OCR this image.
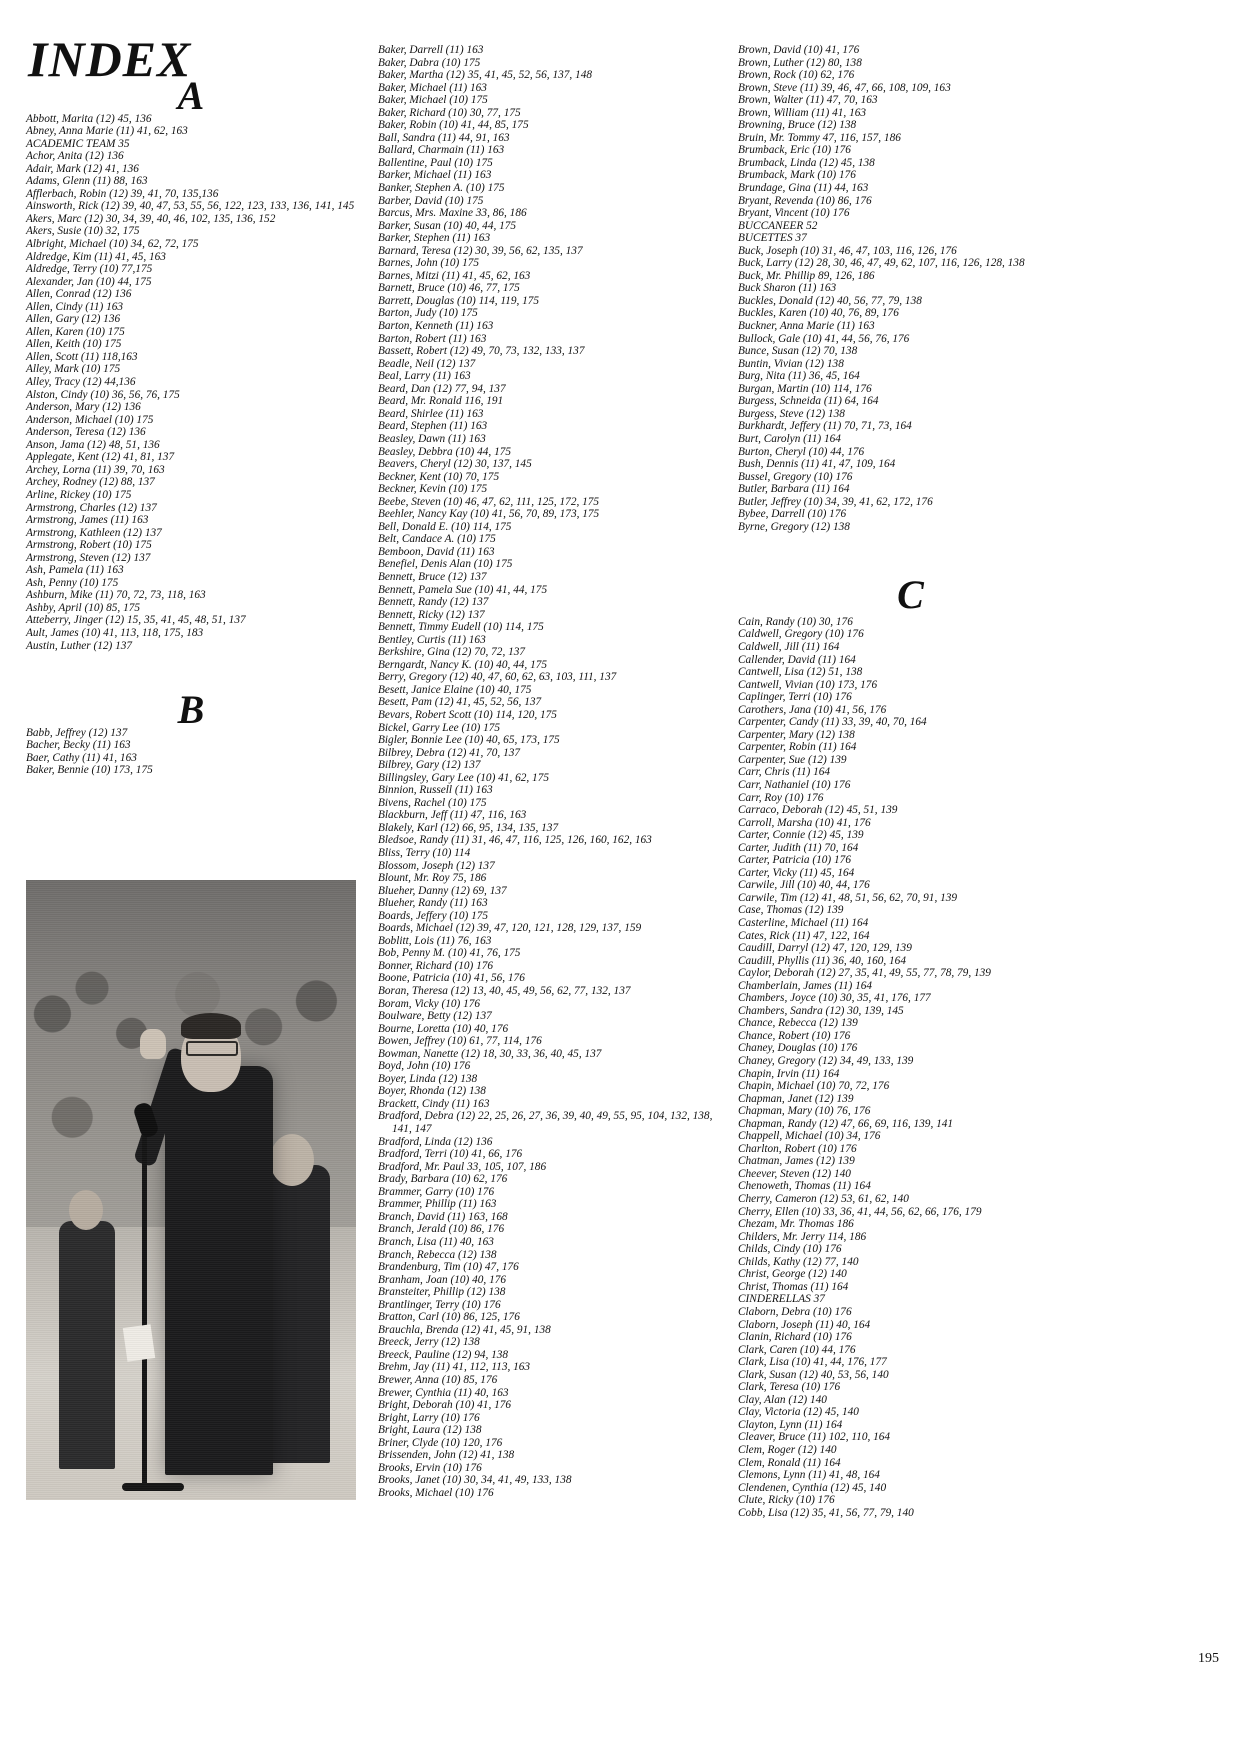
INDEX
A
Abbott, Marita (12) 45, 136
Abney, Anna Marie (11) 41, 62, 163
ACADEMIC TEAM 35
Achor, Anita (12) 136
Adair, Mark (12) 41, 136
Adams, Glenn (11) 88, 163
Afflerbach, Robin (12) 39, 41, 70, 135,136
Ainsworth, Rick (12) 39, 40, 47, 53, 55, 56, 122, 123, 133, 136, 141, 145
Akers, Marc (12) 30, 34, 39, 40, 46, 102, 135, 136, 152
Akers, Susie (10) 32, 175
Albright, Michael (10) 34, 62, 72, 175
Aldredge, Kim (11) 41, 45, 163
Aldredge, Terry (10) 77,175
Alexander, Jan (10) 44, 175
Allen, Conrad (12) 136
Allen, Cindy (11) 163
Allen, Gary (12) 136
Allen, Karen (10) 175
Allen, Keith (10) 175
Allen, Scott (11) 118,163
Alley, Mark (10) 175
Alley, Tracy (12) 44,136
Alston, Cindy (10) 36, 56, 76, 175
Anderson, Mary (12) 136
Anderson, Michael (10) 175
Anderson, Teresa (12) 136
Anson, Jama (12) 48, 51, 136
Applegate, Kent (12) 41, 81, 137
Archey, Lorna (11) 39, 70, 163
Archey, Rodney (12) 88, 137
Arline, Rickey (10) 175
Armstrong, Charles (12) 137
Armstrong, James (11) 163
Armstrong, Kathleen (12) 137
Armstrong, Robert (10) 175
Armstrong, Steven (12) 137
Ash, Pamela (11) 163
Ash, Penny (10) 175
Ashburn, Mike (11) 70, 72, 73, 118, 163
Ashby, April (10) 85, 175
Atteberry, Jinger (12) 15, 35, 41, 45, 48, 51, 137
Ault, James (10) 41, 113, 118, 175, 183
Austin, Luther (12) 137
B
Babb, Jeffrey (12) 137
Bacher, Becky (11) 163
Baer, Cathy (11) 41, 163
Baker, Bennie (10) 173, 175
Baker, Darrell (11) 163
Baker, Dabra (10) 175
Baker, Martha (12) 35, 41, 45, 52, 56, 137, 148
Baker, Michael (11) 163
Baker, Michael (10) 175
Baker, Richard (10) 30, 77, 175
Baker, Robin (10) 41, 44, 85, 175
Ball, Sandra (11) 44, 91, 163
Ballard, Charmain (11) 163
Ballentine, Paul (10) 175
Barker, Michael (11) 163
Banker, Stephen A. (10) 175
Barber, David (10) 175
Barcus, Mrs. Maxine 33, 86, 186
Barker, Susan (10) 40, 44, 175
Barker, Stephen (11) 163
Barnard, Teresa (12) 30, 39, 56, 62, 135, 137
Barnes, John (10) 175
Barnes, Mitzi (11) 41, 45, 62, 163
Barnett, Bruce (10) 46, 77, 175
Barrett, Douglas (10) 114, 119, 175
Barton, Judy (10) 175
Barton, Kenneth (11) 163
Barton, Robert (11) 163
Bassett, Robert (12) 49, 70, 73, 132, 133, 137
Beadle, Neil (12) 137
Beal, Larry (11) 163
Beard, Dan (12) 77, 94, 137
Beard, Mr. Ronald 116, 191
Beard, Shirlee (11) 163
Beard, Stephen (11) 163
Beasley, Dawn (11) 163
Beasley, Debbra (10) 44, 175
Beavers, Cheryl (12) 30, 137, 145
Beckner, Kent (10) 70, 175
Beckner, Kevin (10) 175
Beebe, Steven (10) 46, 47, 62, 111, 125, 172, 175
Beehler, Nancy Kay (10) 41, 56, 70, 89, 173, 175
Bell, Donald E. (10) 114, 175
Belt, Candace A. (10) 175
Bemboon, David (11) 163
Benefiel, Denis Alan (10) 175
Bennett, Bruce (12) 137
Bennett, Pamela Sue (10) 41, 44, 175
Bennett, Randy (12) 137
Bennett, Ricky (12) 137
Bennett, Timmy Eudell (10) 114, 175
Bentley, Curtis (11) 163
Berkshire, Gina (12) 70, 72, 137
Berngardt, Nancy K. (10) 40, 44, 175
Berry, Gregory (12) 40, 47, 60, 62, 63, 103, 111, 137
Besett, Janice Elaine (10) 40, 175
Besett, Pam (12) 41, 45, 52, 56, 137
Bevars, Robert Scott (10) 114, 120, 175
Bickel, Garry Lee (10) 175
Bigler, Bonnie Lee (10) 40, 65, 173, 175
Bilbrey, Debra (12) 41, 70, 137
Bilbrey, Gary (12) 137
Billingsley, Gary Lee (10) 41, 62, 175
Binnion, Russell (11) 163
Bivens, Rachel (10) 175
Blackburn, Jeff (11) 47, 116, 163
Blakely, Karl (12) 66, 95, 134, 135, 137
Bledsoe, Randy (11) 31, 46, 47, 116, 125, 126, 160, 162, 163
Bliss, Terry (10) 114
Blossom, Joseph (12) 137
Blount, Mr. Roy 75, 186
Blueher, Danny (12) 69, 137
Blueher, Randy (11) 163
Boards, Jeffery (10) 175
Boards, Michael (12) 39, 47, 120, 121, 128, 129, 137, 159
Boblitt, Lois (11) 76, 163
Bob, Penny M. (10) 41, 76, 175
Bonner, Richard (10) 176
Boone, Patricia (10) 41, 56, 176
Boran, Theresa (12) 13, 40, 45, 49, 56, 62, 77, 132, 137
Boram, Vicky (10) 176
Boulware, Betty (12) 137
Bourne, Loretta (10) 40, 176
Bowen, Jeffrey (10) 61, 77, 114, 176
Bowman, Nanette (12) 18, 30, 33, 36, 40, 45, 137
Boyd, John (10) 176
Boyer, Linda (12) 138
Boyer, Rhonda (12) 138
Brackett, Cindy (11) 163
Bradford, Debra (12) 22, 25, 26, 27, 36, 39, 40, 49, 55, 95, 104, 132, 138, 141, 147
Bradford, Linda (12) 136
Bradford, Terri (10) 41, 66, 176
Bradford, Mr. Paul 33, 105, 107, 186
Brady, Barbara (10) 62, 176
Brammer, Garry (10) 176
Brammer, Phillip (11) 163
Branch, David (11) 163, 168
Branch, Jerald (10) 86, 176
Branch, Lisa (11) 40, 163
Branch, Rebecca (12) 138
Brandenburg, Tim (10) 47, 176
Branham, Joan (10) 40, 176
Bransteiter, Phillip (12) 138
Brantlinger, Terry (10) 176
Bratton, Carl (10) 86, 125, 176
Brauchla, Brenda (12) 41, 45, 91, 138
Breeck, Jerry (12) 138
Breeck, Pauline (12) 94, 138
Brehm, Jay (11) 41, 112, 113, 163
Brewer, Anna (10) 85, 176
Brewer, Cynthia (11) 40, 163
Bright, Deborah (10) 41, 176
Bright, Larry (10) 176
Bright, Laura (12) 138
Briner, Clyde (10) 120, 176
Brissenden, John (12) 41, 138
Brooks, Ervin (10) 176
Brooks, Janet (10) 30, 34, 41, 49, 133, 138
Brooks, Michael (10) 176
Brown, David (10) 41, 176
Brown, Luther (12) 80, 138
Brown, Rock (10) 62, 176
Brown, Steve (11) 39, 46, 47, 66, 108, 109, 163
Brown, Walter (11) 47, 70, 163
Brown, William (11) 41, 163
Browning, Bruce (12) 138
Bruin, Mr. Tommy 47, 116, 157, 186
Brumback, Eric (10) 176
Brumback, Linda (12) 45, 138
Brumback, Mark (10) 176
Brundage, Gina (11) 44, 163
Bryant, Revenda (10) 86, 176
Bryant, Vincent (10) 176
BUCCANEER 52
BUCETTES 37
Buck, Joseph (10) 31, 46, 47, 103, 116, 126, 176
Buck, Larry (12) 28, 30, 46, 47, 49, 62, 107, 116, 126, 128, 138
Buck, Mr. Phillip 89, 126, 186
Buck Sharon (11) 163
Buckles, Donald (12) 40, 56, 77, 79, 138
Buckles, Karen (10) 40, 76, 89, 176
Buckner, Anna Marie (11) 163
Bullock, Gale (10) 41, 44, 56, 76, 176
Bunce, Susan (12) 70, 138
Buntin, Vivian (12) 138
Burg, Nita (11) 36, 45, 164
Burgan, Martin (10) 114, 176
Burgess, Schneida (11) 64, 164
Burgess, Steve (12) 138
Burkhardt, Jeffery (11) 70, 71, 73, 164
Burt, Carolyn (11) 164
Burton, Cheryl (10) 44, 176
Bush, Dennis (11) 41, 47, 109, 164
Bussel, Gregory (10) 176
Butler, Barbara (11) 164
Butler, Jeffrey (10) 34, 39, 41, 62, 172, 176
Bybee, Darrell (10) 176
Byrne, Gregory (12) 138
C
Cain, Randy (10) 30, 176
Caldwell, Gregory (10) 176
Caldwell, Jill (11) 164
Callender, David (11) 164
Cantwell, Lisa (12) 51, 138
Cantwell, Vivian (10) 173, 176
Caplinger, Terri (10) 176
Carothers, Jana (10) 41, 56, 176
Carpenter, Candy (11) 33, 39, 40, 70, 164
Carpenter, Mary (12) 138
Carpenter, Robin (11) 164
Carpenter, Sue (12) 139
Carr, Chris (11) 164
Carr, Nathaniel (10) 176
Carr, Roy (10) 176
Carraco, Deborah (12) 45, 51, 139
Carroll, Marsha (10) 41, 176
Carter, Connie (12) 45, 139
Carter, Judith (11) 70, 164
Carter, Patricia (10) 176
Carter, Vicky (11) 45, 164
Carwile, Jill (10) 40, 44, 176
Carwile, Tim (12) 41, 48, 51, 56, 62, 70, 91, 139
Case, Thomas (12) 139
Casterline, Michael (11) 164
Cates, Rick (11) 47, 122, 164
Caudill, Darryl (12) 47, 120, 129, 139
Caudill, Phyllis (11) 36, 40, 160, 164
Caylor, Deborah (12) 27, 35, 41, 49, 55, 77, 78, 79, 139
Chamberlain, James (11) 164
Chambers, Joyce (10) 30, 35, 41, 176, 177
Chambers, Sandra (12) 30, 139, 145
Chance, Rebecca (12) 139
Chance, Robert (10) 176
Chaney, Douglas (10) 176
Chaney, Gregory (12) 34, 49, 133, 139
Chapin, Irvin (11) 164
Chapin, Michael (10) 70, 72, 176
Chapman, Janet (12) 139
Chapman, Mary (10) 76, 176
Chapman, Randy (12) 47, 66, 69, 116, 139, 141
Chappell, Michael (10) 34, 176
Charlton, Robert (10) 176
Chatman, James (12) 139
Cheever, Steven (12) 140
Chenoweth, Thomas (11) 164
Cherry, Cameron (12) 53, 61, 62, 140
Cherry, Ellen (10) 33, 36, 41, 44, 56, 62, 66, 176, 179
Chezam, Mr. Thomas 186
Childers, Mr. Jerry 114, 186
Childs, Cindy (10) 176
Childs, Kathy (12) 77, 140
Christ, George (12) 140
Christ, Thomas (11) 164
CINDERELLAS 37
Claborn, Debra (10) 176
Claborn, Joseph (11) 40, 164
Clanin, Richard (10) 176
Clark, Caren (10) 44, 176
Clark, Lisa (10) 41, 44, 176, 177
Clark, Susan (12) 40, 53, 56, 140
Clark, Teresa (10) 176
Clay, Alan (12) 140
Clay, Victoria (12) 45, 140
Clayton, Lynn (11) 164
Cleaver, Bruce (11) 102, 110, 164
Clem, Roger (12) 140
Clem, Ronald (11) 164
Clemons, Lynn (11) 41, 48, 164
Clendenen, Cynthia (12) 45, 140
Clute, Ricky (10) 176
Cobb, Lisa (12) 35, 41, 56, 77, 79, 140
195
